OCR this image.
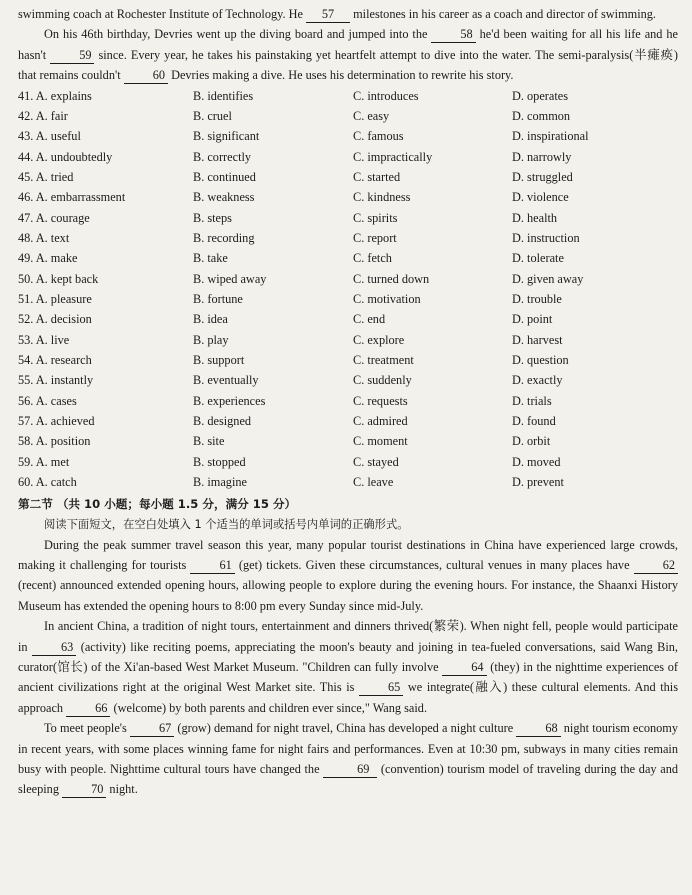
swimming coach at Rochester Institute of Technology. He 57 milestones in his career as a coach and director of swimming.

On his 46th birthday, Devries went up the diving board and jumped into the 58 he'd been waiting for all his life and he hasn't 59 since. Every year, he takes his painstaking yet heartfelt attempt to dive into the water. The semi-paralysis(半瘫痪) that remains couldn't 60 Devries making a dive. He uses his determination to rewrite his story.

41. A. explains	B. identifies	C. introduces	D. operates
42. A. fair	B. cruel	C. easy	D. common
43. A. useful	B. significant	C. famous	D. inspirational
44. A. undoubtedly	B. correctly	C. impractically	D. narrowly
45. A. tried	B. continued	C. started	D. struggled
46. A. embarrassment	B. weakness	C. kindness	D. violence
47. A. courage	B. steps	C. spirits	D. health
48. A. text	B. recording	C. report	D. instruction
49. A. make	B. take	C. fetch	D. tolerate
50. A. kept back	B. wiped away	C. turned down	D. given away
51. A. pleasure	B. fortune	C. motivation	D. trouble
52. A. decision	B. idea	C. end	D. point
53. A. live	B. play	C. explore	D. harvest
54. A. research	B. support	C. treatment	D. question
55. A. instantly	B. eventually	C. suddenly	D. exactly
56. A. cases	B. experiences	C. requests	D. trials
57. A. achieved	B. designed	C. admired	D. found
58. A. position	B. site	C. moment	D. orbit
59. A. met	B. stopped	C. stayed	D. moved
60. A. catch	B. imagine	C. leave	D. prevent
第二节 （共 10 小题；每小题 1.5 分，满分 15 分）

阅读下面短文，在空白处填入 1 个适当的单词或括号内单词的正确形式。

During the peak summer travel season this year, many popular tourist destinations in China have experienced large crowds, making it challenging for tourists 61 (get) tickets. Given these circumstances, cultural venues in many places have 62 (recent) announced extended opening hours, allowing people to explore during the evening hours. For instance, the Shaanxi History Museum has extended the opening hours to 8:00 pm every Sunday since mid-July.

In ancient China, a tradition of night tours, entertainment and dinners thrived(繁荣). When night fell, people would participate in 63 (activity) like reciting poems, appreciating the moon's beauty and joining in tea-fueled conversations, said Wang Bin, curator(馆长) of the Xi'an-based West Market Museum. "Children can fully involve 64 (they) in the nighttime experiences of ancient civilizations right at the original West Market site. This is 65 we integrate(融入) these cultural elements. And this approach 66 (welcome) by both parents and children ever since," Wang said.

To meet people's 67 (grow) demand for night travel, China has developed a night culture 68 night tourism economy in recent years, with some places winning fame for night fairs and performances. Even at 10:30 pm, subways in many cities remain busy with people. Nighttime cultural tours have changed the	69 (convention) tourism model of traveling during the day and sleeping 70 night.
